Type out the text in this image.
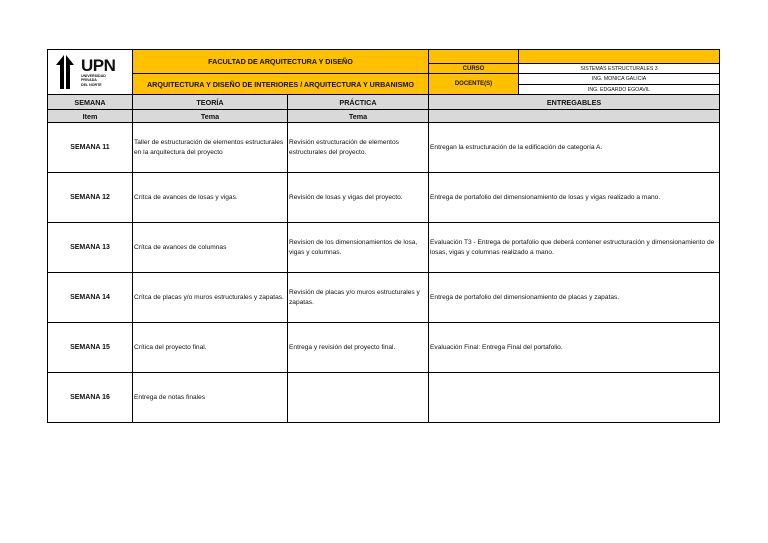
UPN
UNIVERSIDAD
PRIVADA
DEL NORTE	FACULTAD DE ARQUITECTURA Y DISEÑO			
			CURSO	SISTEMAS ESTRUCTURALES 3
	ARQUITECTURA Y DISEÑO DE INTERIORES / ARQUITECTURA Y URBANISMO		DOCENTE(S)	ING. MONICA GALICIA
				ING. EDGARDO EGOAVIL
SEMANA	TEORÍA	PRÁCTICA	ENTREGABLES	
Item	Tema	Tema		
SEMANA 11	Taller de estructuración de elementos estructurales en la arquitectura del proyecto	Revisión estructuración de elementos estructurales del proyecto.	Entregan la estructuración de la edificación de categoría A.	
SEMANA 12	Crítca de avances de losas y vigas.	Revisión de losas y vigas del proyecto.	Entrega de portafolio del dimensionamiento de losas y vigas realizado a mano.	
SEMANA 13	Crítca de avances de columnas	Revision de los dimensionamientos de losa, vigas y columnas.	Evaluación T3 - Entrega de portafolio que deberá contener estructuración y dimensionamiento de losas, vigas y columnas realizado a mano.	
SEMANA 14	Crítca de placas y/o muros estructurales y zapatas.	Revisión de placas y/o muros estructurales y zapatas.	Entrega de portafolio del dimensionamiento de placas y zapatas.	
SEMANA 15	Crítica del proyecto final.	Entrega y revisión del proyecto final.	Evaluación Final: Entrega Final del portafolio.	
SEMANA 16	Entrega de notas finales			
